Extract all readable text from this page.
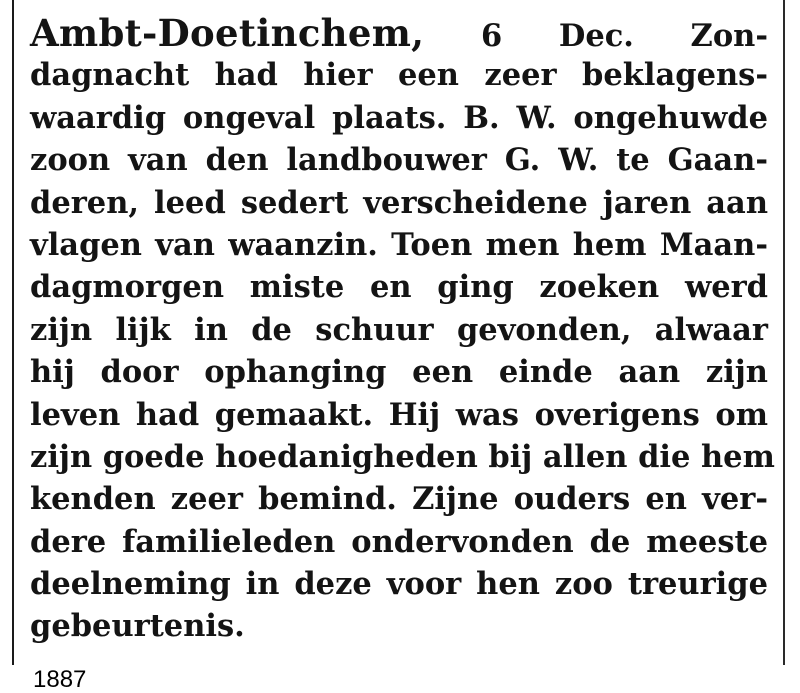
Ambt-Doetinchem, 6 Dec. Zon-
dagnacht had hier een zeer beklagens-
waardig ongeval plaats. B. W. ongehuwde
zoon van den landbouwer G. W. te Gaan-
deren, leed sedert verscheidene jaren aan
vlagen van waanzin. Toen men hem Maan-
dagmorgen miste en ging zoeken werd
zijn lijk in de schuur gevonden, alwaar
hij door ophanging een einde aan zijn
leven had gemaakt. Hij was overigens om
zijn goede hoedanigheden bij allen die hem
kenden zeer bemind. Zijne ouders en ver-
dere familieleden ondervonden de meeste
deelneming in deze voor hen zoo treurige
gebeurtenis.
1887
